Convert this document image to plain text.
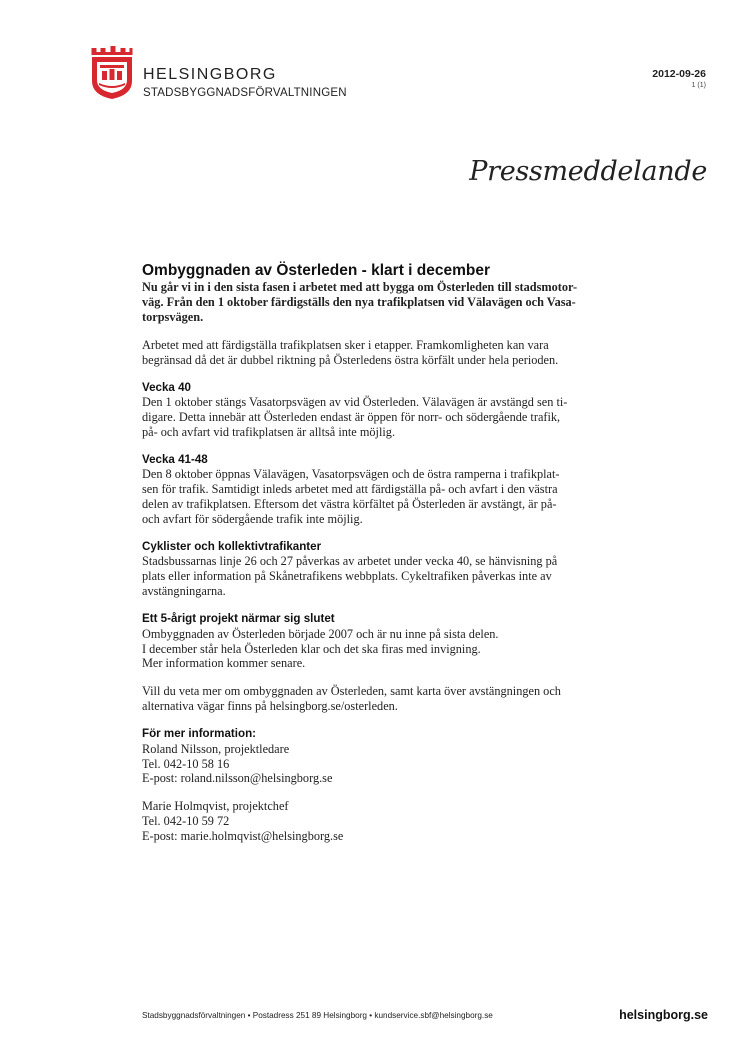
HELSINGBORG
STADSBYGGNADSFÖRVALTNINGEN
2012-09-26
1 (1)
Pressmeddelande
Ombyggnaden av Österleden - klart i december
Nu går vi in i den sista fasen i arbetet med att bygga om Österleden till stadsmotor-
väg. Från den 1 oktober färdigställs den nya trafikplatsen vid Välavägen och Vasa-
torpsvägen.

Arbetet med att färdigställa trafikplatsen sker i etapper. Framkomligheten kan vara
begränsad då det är dubbel riktning på Österledens östra körfält under hela perioden.

Vecka 40
Den 1 oktober stängs Vasatorpsvägen av vid Österleden. Välavägen är avstängd sen ti-
digare. Detta innebär att Österleden endast är öppen för norr- och södergående trafik,
på- och avfart vid trafikplatsen är alltså inte möjlig.

Vecka 41-48
Den 8 oktober öppnas Välavägen, Vasatorpsvägen och de östra ramperna i trafikplat-
sen för trafik. Samtidigt inleds arbetet med att färdigställa på- och avfart i den västra
delen av trafikplatsen. Eftersom det västra körfältet på Österleden är avstängt, är på-
och avfart för södergående trafik inte möjlig.

Cyklister och kollektivtrafikanter
Stadsbussarnas linje 26 och 27 påverkas av arbetet under vecka 40, se hänvisning på
plats eller information på Skånetrafikens webbplats. Cykeltrafiken påverkas inte av
avstängningarna.

Ett 5-årigt projekt närmar sig slutet
Ombyggnaden av Österleden började 2007 och är nu inne på sista delen.
I december står hela Österleden klar och det ska firas med invigning.
Mer information kommer senare.

Vill du veta mer om ombyggnaden av Österleden, samt karta över avstängningen och
alternativa vägar finns på helsingborg.se/osterleden.

För mer information:
Roland Nilsson, projektledare
Tel. 042-10 58 16
E-post: roland.nilsson@helsingborg.se

Marie Holmqvist, projektchef
Tel. 042-10 59 72
E-post: marie.holmqvist@helsingborg.se

Stadsbyggnadsförvaltningen • Postadress 251 89 Helsingborg • kundservice.sbf@helsingborg.se	helsingborg.se
